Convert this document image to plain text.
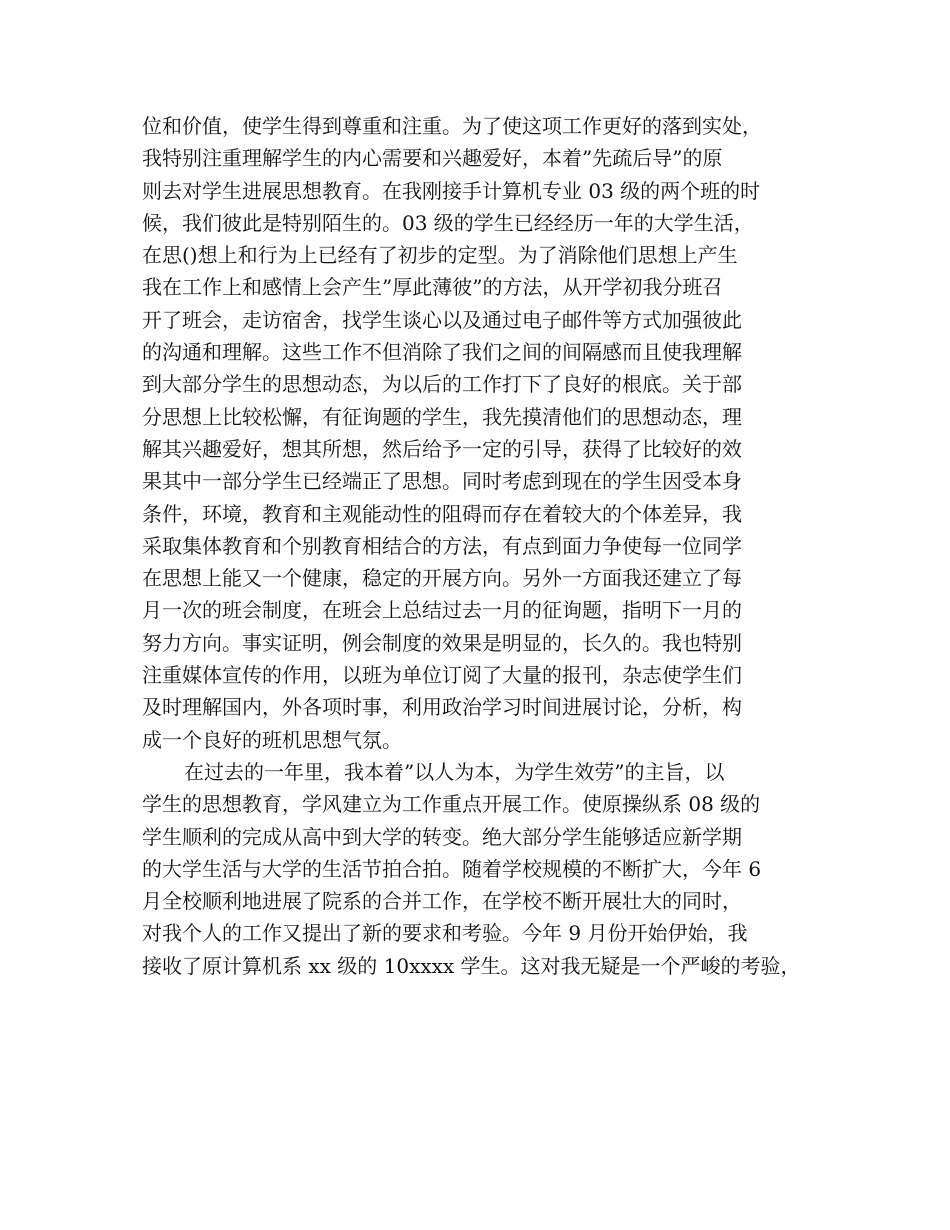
位和价值，使学生得到尊重和注重。为了使这项工作更好的落到实处，
我特别注重理解学生的内心需要和兴趣爱好，本着”先疏后导”的原
则去对学生进展思想教育。在我刚接手计算机专业 03 级的两个班的时
候，我们彼此是特别陌生的。03 级的学生已经经历一年的大学生活，
在思()想上和行为上已经有了初步的定型。为了消除他们思想上产生
我在工作上和感情上会产生”厚此薄彼”的方法，从开学初我分班召
开了班会，走访宿舍，找学生谈心以及通过电子邮件等方式加强彼此
的沟通和理解。这些工作不但消除了我们之间的间隔感而且使我理解
到大部分学生的思想动态，为以后的工作打下了良好的根底。关于部
分思想上比较松懈，有征询题的学生，我先摸清他们的思想动态，理
解其兴趣爱好，想其所想，然后给予一定的引导，获得了比较好的效
果其中一部分学生已经端正了思想。同时考虑到现在的学生因受本身
条件，环境，教育和主观能动性的阻碍而存在着较大的个体差异，我
采取集体教育和个别教育相结合的方法，有点到面力争使每一位同学
在思想上能又一个健康，稳定的开展方向。另外一方面我还建立了每
月一次的班会制度，在班会上总结过去一月的征询题，指明下一月的
努力方向。事实证明，例会制度的效果是明显的，长久的。我也特别
注重媒体宣传的作用，以班为单位订阅了大量的报刊，杂志使学生们
及时理解国内，外各项时事，利用政治学习时间进展讨论，分析，构
成一个良好的班机思想气氛。
在过去的一年里，我本着”以人为本，为学生效劳”的主旨，以
学生的思想教育，学风建立为工作重点开展工作。使原操纵系 08 级的
学生顺利的完成从高中到大学的转变。绝大部分学生能够适应新学期
的大学生活与大学的生活节拍合拍。随着学校规模的不断扩大，今年 6
月全校顺利地进展了院系的合并工作，在学校不断开展壮大的同时，
对我个人的工作又提出了新的要求和考验。今年 9 月份开始伊始，我
接收了原计算机系 xx 级的 10xxxx 学生。这对我无疑是一个严峻的考验，
